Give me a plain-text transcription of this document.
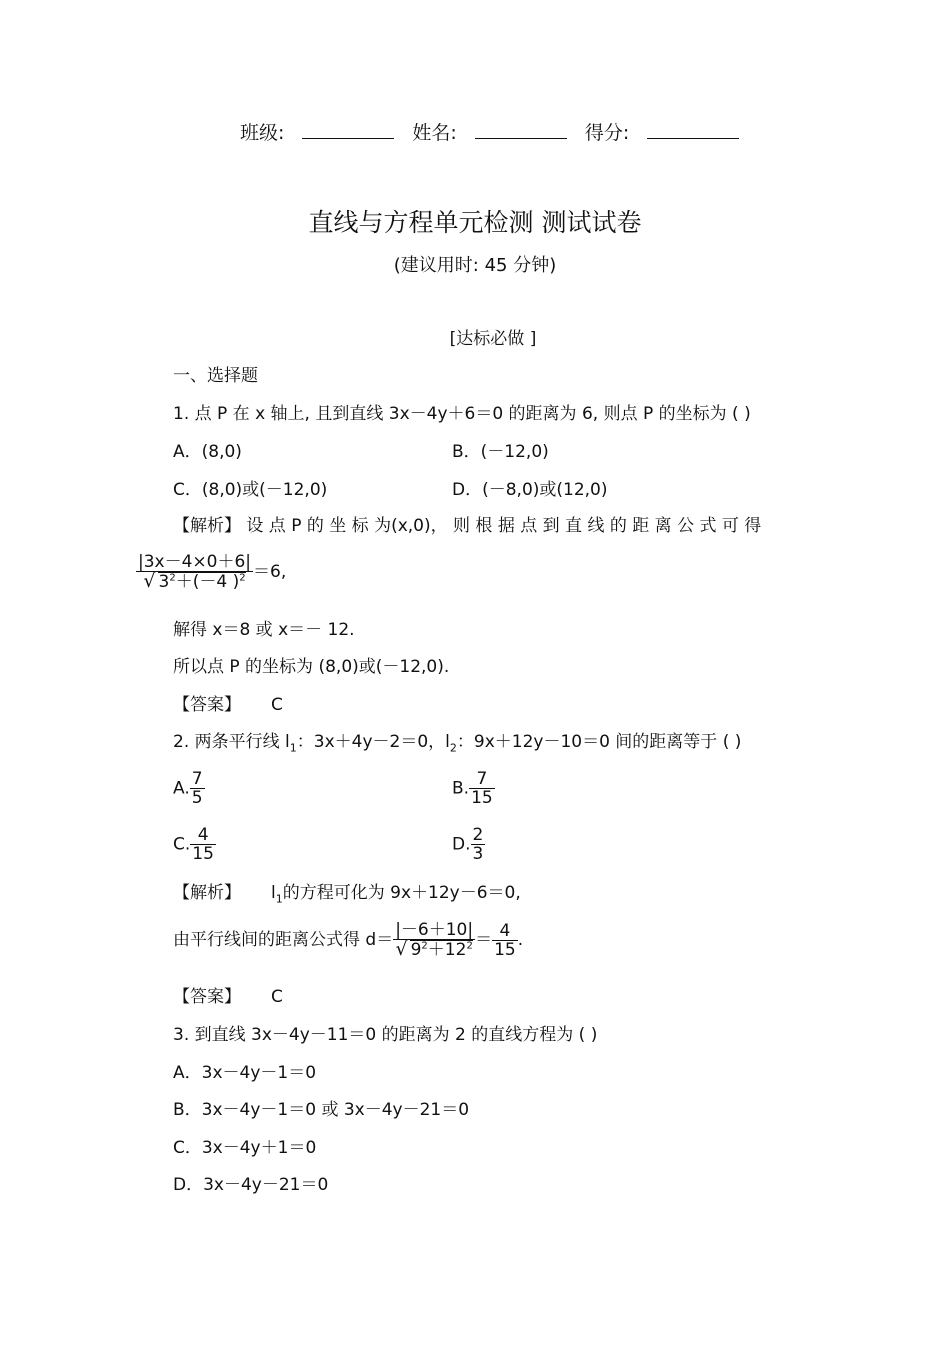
班级:	姓名:	得分:
直线与方程单元检测 测试试卷
(建议用时: 45 分钟)
[达标必做 ]
一、选择题
1. 点 P 在 x 轴上, 且到直线 3x－4y＋6＝0 的距离为 6, 则点 P 的坐标为 ( )
A．(8,0)	B．(－12,0)
C．(8,0)或(－12,0)	D．(－8,0)或(12,0)
【解析】 设 点 P 的 坐 标 为(x,0)， 则 根 据 点 到 直 线 的 距 离 公 式 可 得
$\frac{|3x-4\times 0+6|}{√ 3^2+(-4 )^2} =6$,
解得 x＝8 或 x＝－ 12.
所以点 P 的坐标为 (8,0)或(－12,0).
【答案】 C
2. 两条平行线 $l_1$：3x＋4y－2＝0，$l_2$：9x＋12y－10＝0 间的距离等于 ( )
A. $\frac{7}{5}$	B. $\frac{7}{15}$
C. $\frac{4}{15}$	D. $\frac{2}{3}$
【解析】 $l_1$的方程可化为 9x＋12y－6＝0,
由平行线间的距离公式得 $d= \frac{|-6+10|}{√ 9^2+12^2} = \frac{4}{15}$ .
【答案】 C
3. 到直线 3x－4y－11＝0 的距离为 2 的直线方程为 ( )
A．3x－4y－1＝0
B．3x－4y－1＝0 或 3x－4y－21＝0
C．3x－4y＋1＝0
D．3x－4y－21＝0
